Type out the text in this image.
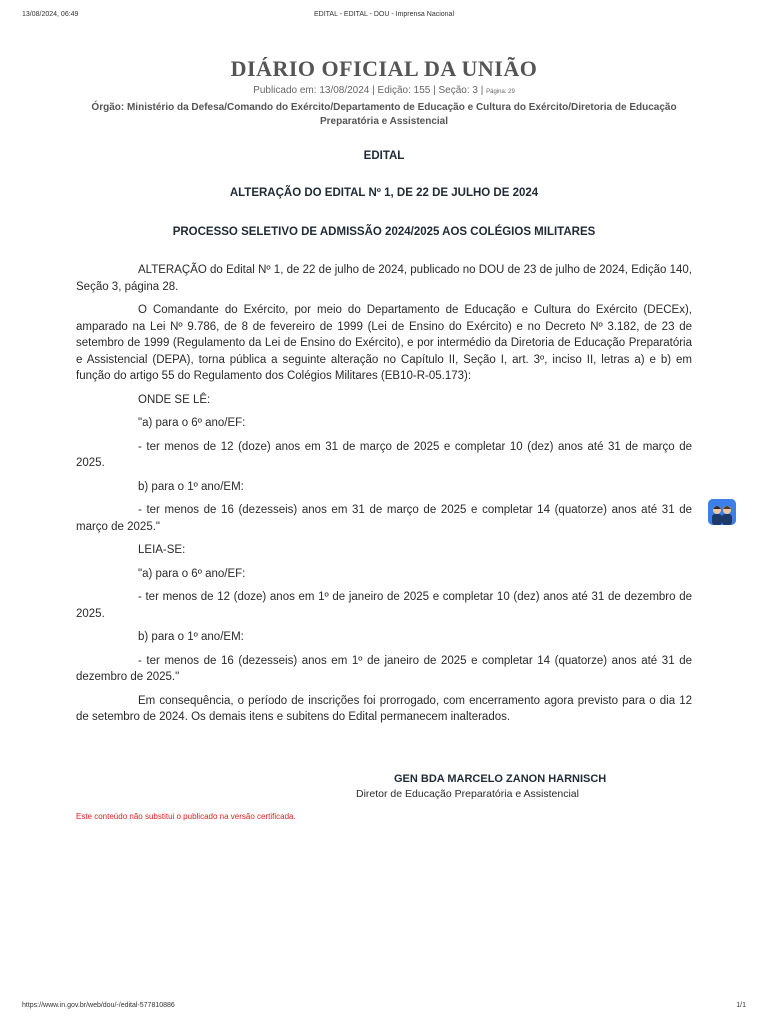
13/08/2024, 06:49	EDITAL - EDITAL - DOU - Imprensa Nacional
DIÁRIO OFICIAL DA UNIÃO
Publicado em: 13/08/2024 | Edição: 155 | Seção: 3 | Página: 29
Órgão: Ministério da Defesa/Comando do Exército/Departamento de Educação e Cultura do Exército/Diretoria de Educação Preparatória e Assistencial
EDITAL
ALTERAÇÃO DO EDITAL Nº 1, DE 22 DE JULHO DE 2024
PROCESSO SELETIVO DE ADMISSÃO 2024/2025 AOS COLÉGIOS MILITARES

ALTERAÇÃO do Edital Nº 1, de 22 de julho de 2024, publicado no DOU de 23 de julho de 2024, Edição 140, Seção 3, página 28.

O Comandante do Exército, por meio do Departamento de Educação e Cultura do Exército (DECEx), amparado na Lei Nº 9.786, de 8 de fevereiro de 1999 (Lei de Ensino do Exército) e no Decreto Nº 3.182, de 23 de setembro de 1999 (Regulamento da Lei de Ensino do Exército), e por intermédio da Diretoria de Educação Preparatória e Assistencial (DEPA), torna pública a seguinte alteração no Capítulo II, Seção I, art. 3º, inciso II, letras a) e b) em função do artigo 55 do Regulamento dos Colégios Militares (EB10-R-05.173):

ONDE SE LÊ:

"a) para o 6º ano/EF:

- ter menos de 12 (doze) anos em 31 de março de 2025 e completar 10 (dez) anos até 31 de março de 2025.

b) para o 1º ano/EM:

- ter menos de 16 (dezesseis) anos em 31 de março de 2025 e completar 14 (quatorze) anos até 31 de março de 2025."

LEIA-SE:

"a) para o 6º ano/EF:

- ter menos de 12 (doze) anos em 1º de janeiro de 2025 e completar 10 (dez) anos até 31 de dezembro de 2025.

b) para o 1º ano/EM:

- ter menos de 16 (dezesseis) anos em 1º de janeiro de 2025 e completar 14 (quatorze) anos até 31 de dezembro de 2025."

Em consequência, o período de inscrições foi prorrogado, com encerramento agora previsto para o dia 12 de setembro de 2024. Os demais itens e subitens do Edital permanecem inalterados.

GEN BDA MARCELO ZANON HARNISCH
Diretor de Educação Preparatória e Assistencial
Este conteúdo não substitui o publicado na versão certificada.
https://www.in.gov.br/web/dou/-/edital-577810886	1/1
